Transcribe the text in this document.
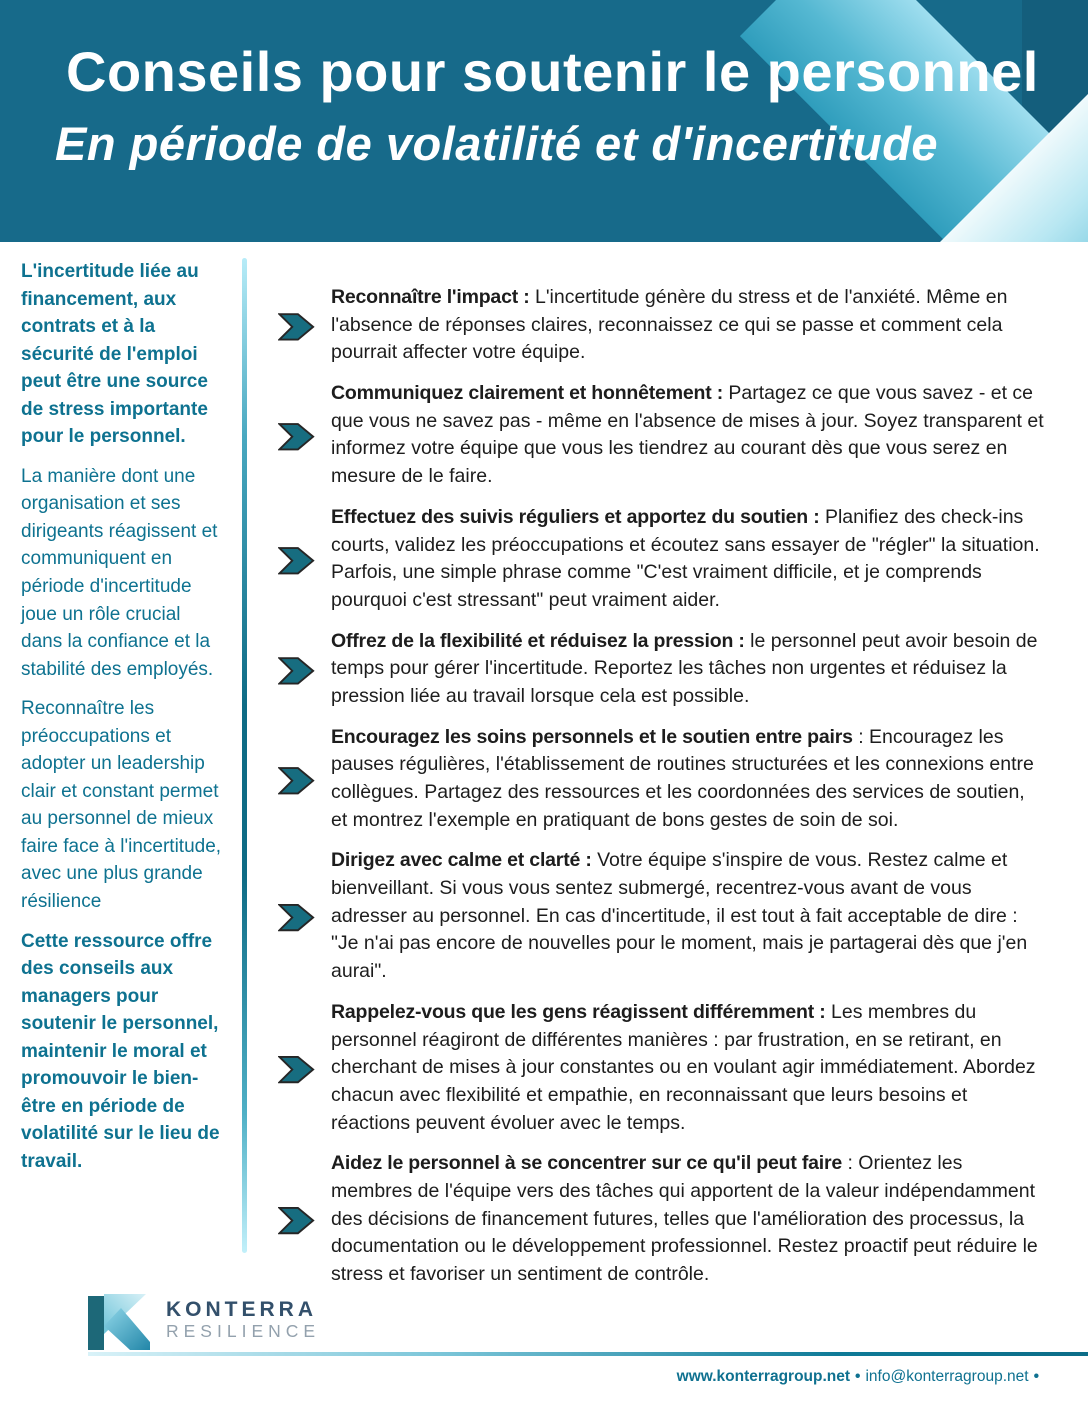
Conseils pour soutenir le personnel
En période de volatilité et d'incertitude

L'incertitude liée au financement, aux contrats et à la sécurité de l'emploi peut être une source de stress importante pour le personnel.

La manière dont une organisation et ses dirigeants réagissent et communiquent en période d'incertitude joue un rôle crucial dans la confiance et la stabilité des employés.

Reconnaître les préoccupations et adopter un leadership clair et constant permet au personnel de mieux faire face à l'incertitude, avec une plus grande résilience

Cette ressource offre des conseils aux managers pour soutenir le personnel, maintenir le moral et promouvoir le bien-être en période de volatilité sur le lieu de travail.

Reconnaître l'impact : L'incertitude génère du stress et de l'anxiété. Même en l'absence de réponses claires, reconnaissez ce qui se passe et comment cela pourrait affecter votre équipe.

Communiquez clairement et honnêtement : Partagez ce que vous savez - et ce que vous ne savez pas - même en l'absence de mises à jour. Soyez transparent et informez votre équipe que vous les tiendrez au courant dès que vous serez en mesure de le faire.

Effectuez des suivis réguliers et apportez du soutien : Planifiez des check-ins courts, validez les préoccupations et écoutez sans essayer de "régler" la situation. Parfois, une simple phrase comme "C'est vraiment difficile, et je comprends pourquoi c'est stressant" peut vraiment aider.

Offrez de la flexibilité et réduisez la pression : le personnel peut avoir besoin de temps pour gérer l'incertitude. Reportez les tâches non urgentes et réduisez la pression liée au travail lorsque cela est possible.

Encouragez les soins personnels et le soutien entre pairs : Encouragez les pauses régulières, l'établissement de routines structurées et les connexions entre collègues. Partagez des ressources et les coordonnées des services de soutien, et montrez l'exemple en pratiquant de bons gestes de soin de soi.

Dirigez avec calme et clarté : Votre équipe s'inspire de vous. Restez calme et bienveillant. Si vous vous sentez submergé, recentrez-vous avant de vous adresser au personnel. En cas d'incertitude, il est tout à fait acceptable de dire : "Je n'ai pas encore de nouvelles pour le moment, mais je partagerai dès que j'en aurai".

Rappelez-vous que les gens réagissent différemment : Les membres du personnel réagiront de différentes manières : par frustration, en se retirant, en cherchant de mises à jour constantes ou en voulant agir immédiatement. Abordez chacun avec flexibilité et empathie, en reconnaissant que leurs besoins et réactions peuvent évoluer avec le temps.

Aidez le personnel à se concentrer sur ce qu'il peut faire : Orientez les membres de l'équipe vers des tâches qui apportent de la valeur indépendamment des décisions de financement futures, telles que l'amélioration des processus, la documentation ou le développement professionnel. Restez proactif peut réduire le stress et favoriser un sentiment de contrôle.

KONTERRA
RESILIENCE
www.konterragroup.net • info@konterragroup.net •
